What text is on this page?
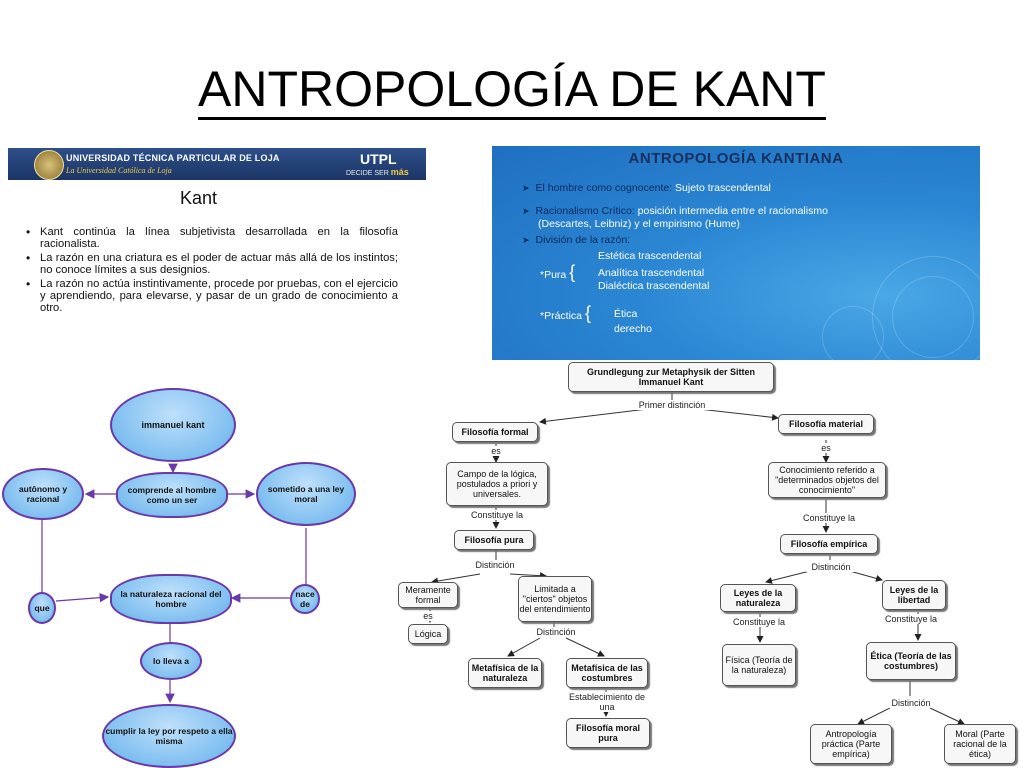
ANTROPOLOGÍA DE KANT
UNIVERSIDAD TÉCNICA PARTICULAR DE LOJA
La Universidad Católica de Loja
UTPL
DECIDE SER más
Kant
• Kant continúa la línea subjetivista desarrollada en la filosofía racionalista.
• La razón en una criatura es el poder de actuar más allá de los instintos; no conoce límites a sus designios.
• La razón no actúa instintivamente, procede por pruebas, con el ejercicio y aprendiendo, para elevarse, y pasar de un grado de conocimiento a otro.
ANTROPOLOGÍA KANTIANA
➤ El hombre como cognocente: Sujeto trascendental
➤ Racionalismo Crítico: posición intermedia entre el racionalismo
(Descartes, Leibniz) y el empirismo (Hume)
➤ División de la razón:
Estética trascendental
*Pura { Analítica trascendental
Dialéctica trascendental
*Práctica { Ética
derecho
immanuel kant
comprende al hombre como un ser
autônomo y racional
sometido a una ley moral
la naturaleza racional del hombre
que
nace de
lo lleva a
cumplir la ley por respeto a ella misma
Grundlegung zur Metaphysik der Sitten Immanuel Kant
Primer distinción
Filosofía formal
Filosofía material
es	es
Campo de la lógica, postulados a priori y universales.
Conocimiento referido a "determinados objetos del conocimiento"
Constituye la	Constituye la
Filosofía pura	Filosofía empírica
Distinción	Distinción
Meramente formal
Limitada a "ciertos" objetos del entendimiento
es
Lógica	Distinción
Metafísica de la naturaleza
Metafísica de las costumbres
Establecimiento de una
Filosofía moral pura
Leyes de la naturaleza
Leyes de la libertad
Constituye la	Constituye la
Física (Teoría de la naturaleza)
Ética (Teoría de las costumbres)
Distinción
Antropología práctica (Parte empírica)
Moral (Parte racional de la ética)
